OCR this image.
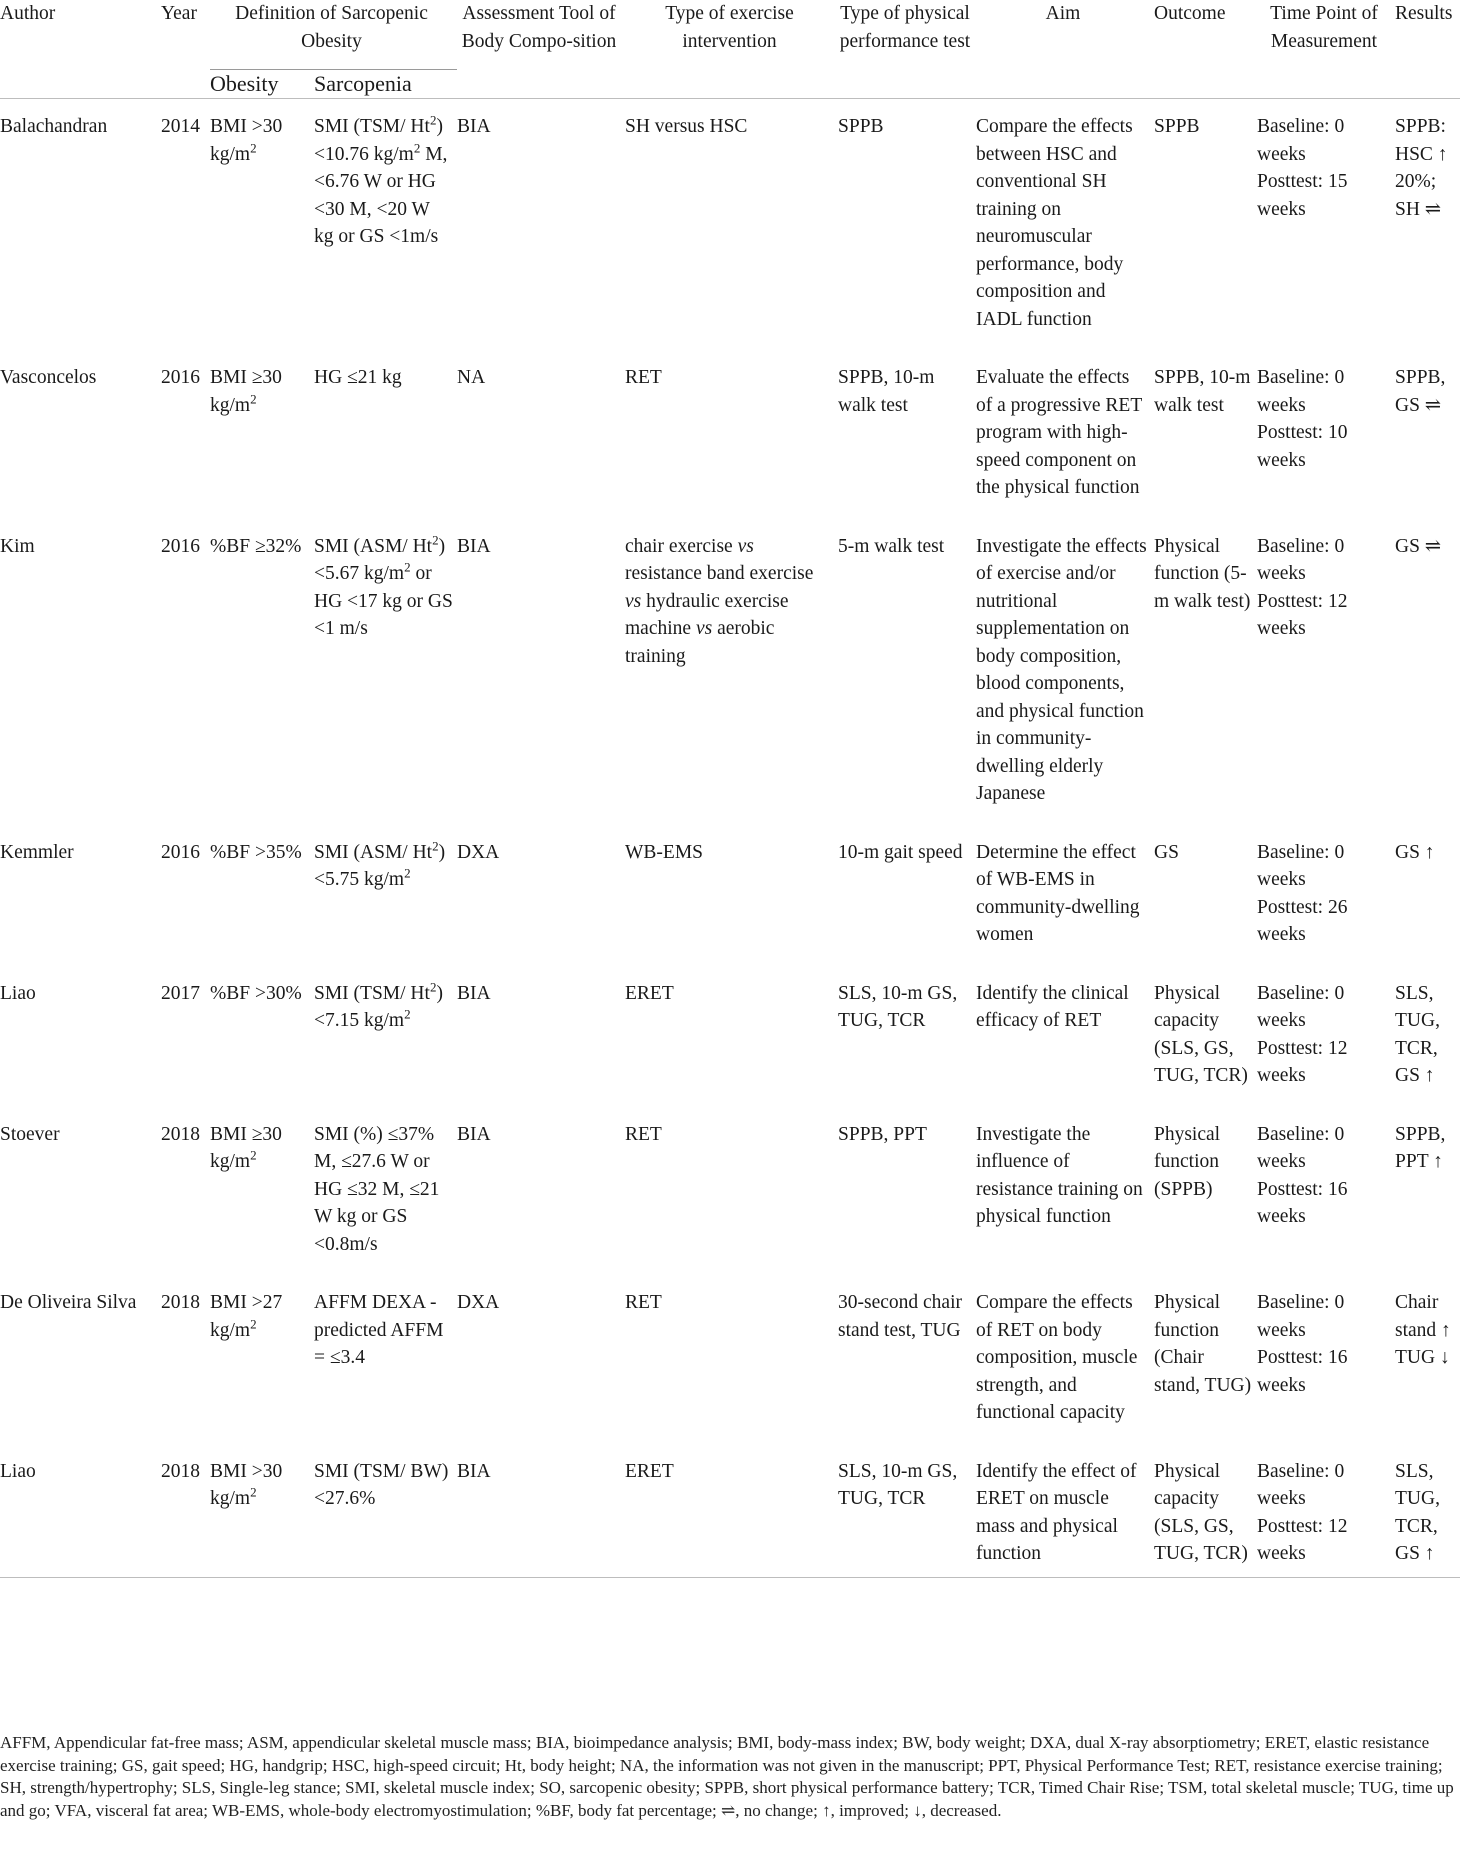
Author	Year	Definition of Sarcopenic Obesity		Assessment Tool of Body Compo-sition	Type of exercise intervention	Type of physical performance test	Aim	Outcome	Time Point of Measurement	Results
		Obesity	Sarcopenia							

Balachandran	2014	BMI >30 $kg/m^2$	SMI (TSM/ $Ht^2) <10.76$ $kg/m^2$ M, <6.76 W or HG <30 M, <20 W kg or GS <1m/s	BIA	SH versus HSC	SPPB	Compare the effects between HSC and conventional SH training on neuromuscular performance, body composition and IADL function	SPPB	Baseline: 0 weeks
Posttest: 15 weeks	SPPB: HSC ↑ 20%; SH ⇌
Vasconcelos	2016	BMI ≥30 $kg/m^2$	HG ≤21 kg	NA	RET	SPPB, 10-m walk test	Evaluate the effects of a progressive RET program with high-speed component on the physical function	SPPB, 10-m walk test	Baseline: 0 weeks
Posttest: 10 weeks	SPPB, GS ⇌
Kim	2016	%BF ≥32%	SMI (ASM/ $Ht^2) <5.67$ $kg/m^2$ or HG <17 kg or GS <1 m/s	BIA	chair exercise vs resistance band exercise vs hydraulic exercise machine vs aerobic training	5-m walk test	Investigate the effects of exercise and/or nutritional supplementation on body composition, blood components, and physical function in community-dwelling elderly Japanese	Physical function (5-m walk test)	Baseline: 0 weeks
Posttest: 12 weeks	GS ⇌
Kemmler	2016	%BF >35%	SMI (ASM/ $Ht^2) <5.75$ $kg/m^2$	DXA	WB-EMS	10-m gait speed	Determine the effect of WB-EMS in community-dwelling women	GS	Baseline: 0 weeks
Posttest: 26 weeks	GS ↑
Liao	2017	%BF >30%	SMI (TSM/ $Ht^2) <7.15$ $kg/m^2$	BIA	ERET	SLS, 10-m GS, TUG, TCR	Identify the clinical efficacy of RET	Physical capacity (SLS, GS, TUG, TCR)	Baseline: 0 weeks
Posttest: 12 weeks	SLS, TUG, TCR, GS ↑
Stoever	2018	BMI ≥30 $kg/m^2$	SMI (%) ≤37% M, ≤27.6 W or HG ≤32 M, ≤21 W kg or GS <0.8m/s	BIA	RET	SPPB, PPT	Investigate the influence of resistance training on physical function	Physical function (SPPB)	Baseline: 0 weeks
Posttest: 16 weeks	SPPB, PPT ↑
De Oliveira Silva	2018	BMI >27 $kg/m^2$	AFFM DEXA - predicted AFFM = ≤3.4	DXA	RET	30-second chair stand test, TUG	Compare the effects of RET on body composition, muscle strength, and functional capacity	Physical function (Chair stand, TUG)	Baseline: 0 weeks
Posttest: 16 weeks	Chair stand ↑ TUG ↓
Liao	2018	BMI >30 $kg/m^2$	SMI (TSM/ BW) <27.6%	BIA	ERET	SLS, 10-m GS, TUG, TCR	Identify the effect of ERET on muscle mass and physical function	Physical capacity (SLS, GS, TUG, TCR)	Baseline: 0 weeks
Posttest: 12 weeks	SLS, TUG, TCR, GS ↑
AFFM, Appendicular fat-free mass; ASM, appendicular skeletal muscle mass; BIA, bioimpedance analysis; BMI, body-mass index; BW, body weight; DXA, dual X-ray absorptiometry; ERET, elastic resistance exercise training; GS, gait speed; HG, handgrip; HSC, high-speed circuit; Ht, body height; NA, the information was not given in the manuscript; PPT, Physical Performance Test; RET, resistance exercise training; SH, strength/hypertrophy; SLS, Single-leg stance; SMI, skeletal muscle index; SO, sarcopenic obesity; SPPB, short physical performance battery; TCR, Timed Chair Rise; TSM, total skeletal muscle; TUG, time up and go; VFA, visceral fat area; WB-EMS, whole-body electromyostimulation; %BF, body fat percentage; ⇌, no change; ↑, improved; ↓, decreased.
